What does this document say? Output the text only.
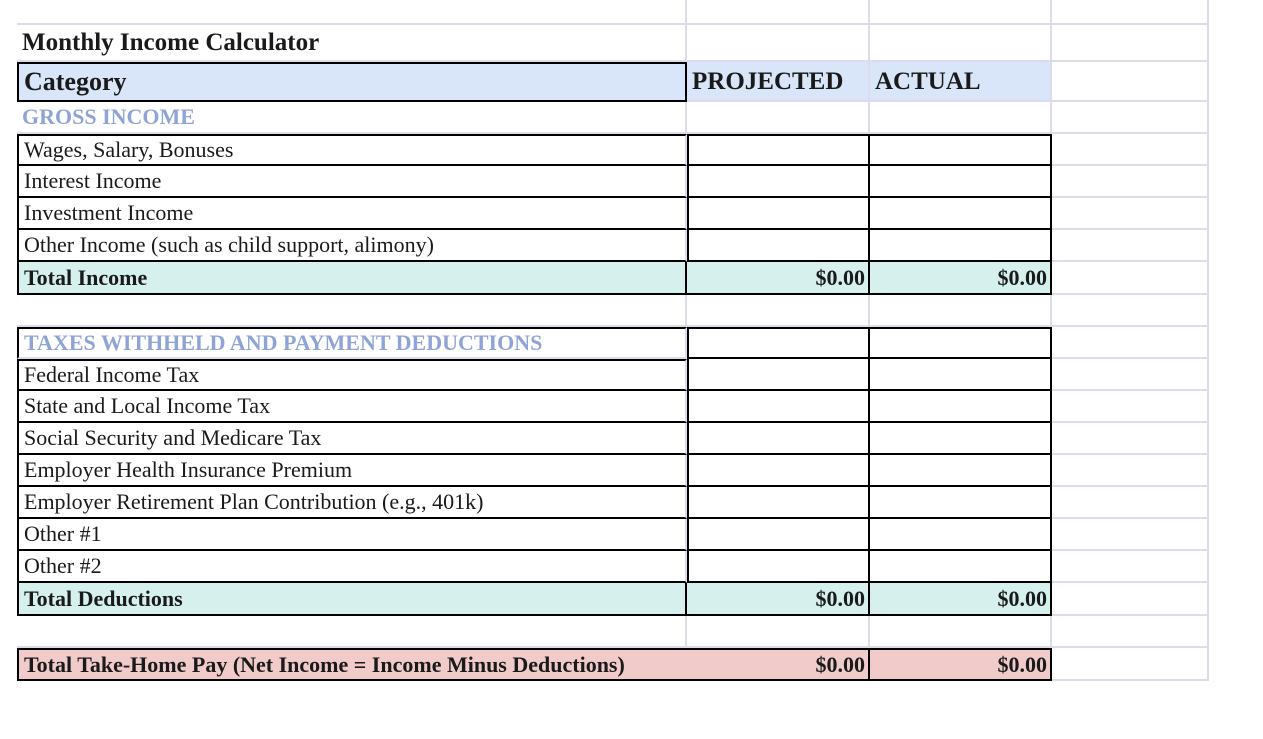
Monthly Income Calculator
Category	PROJECTED	ACTUAL
GROSS INCOME
Wages, Salary, Bonuses
Interest Income
Investment Income
Other Income (such as child support, alimony)
Total Income	$0.00	$0.00
TAXES WITHHELD AND PAYMENT DEDUCTIONS
Federal Income Tax
State and Local Income Tax
Social Security and Medicare Tax
Employer Health Insurance Premium
Employer Retirement Plan Contribution (e.g., 401k)
Other #1
Other #2
Total Deductions	$0.00	$0.00
Total Take-Home Pay (Net Income = Income Minus Deductions)	$0.00	$0.00
